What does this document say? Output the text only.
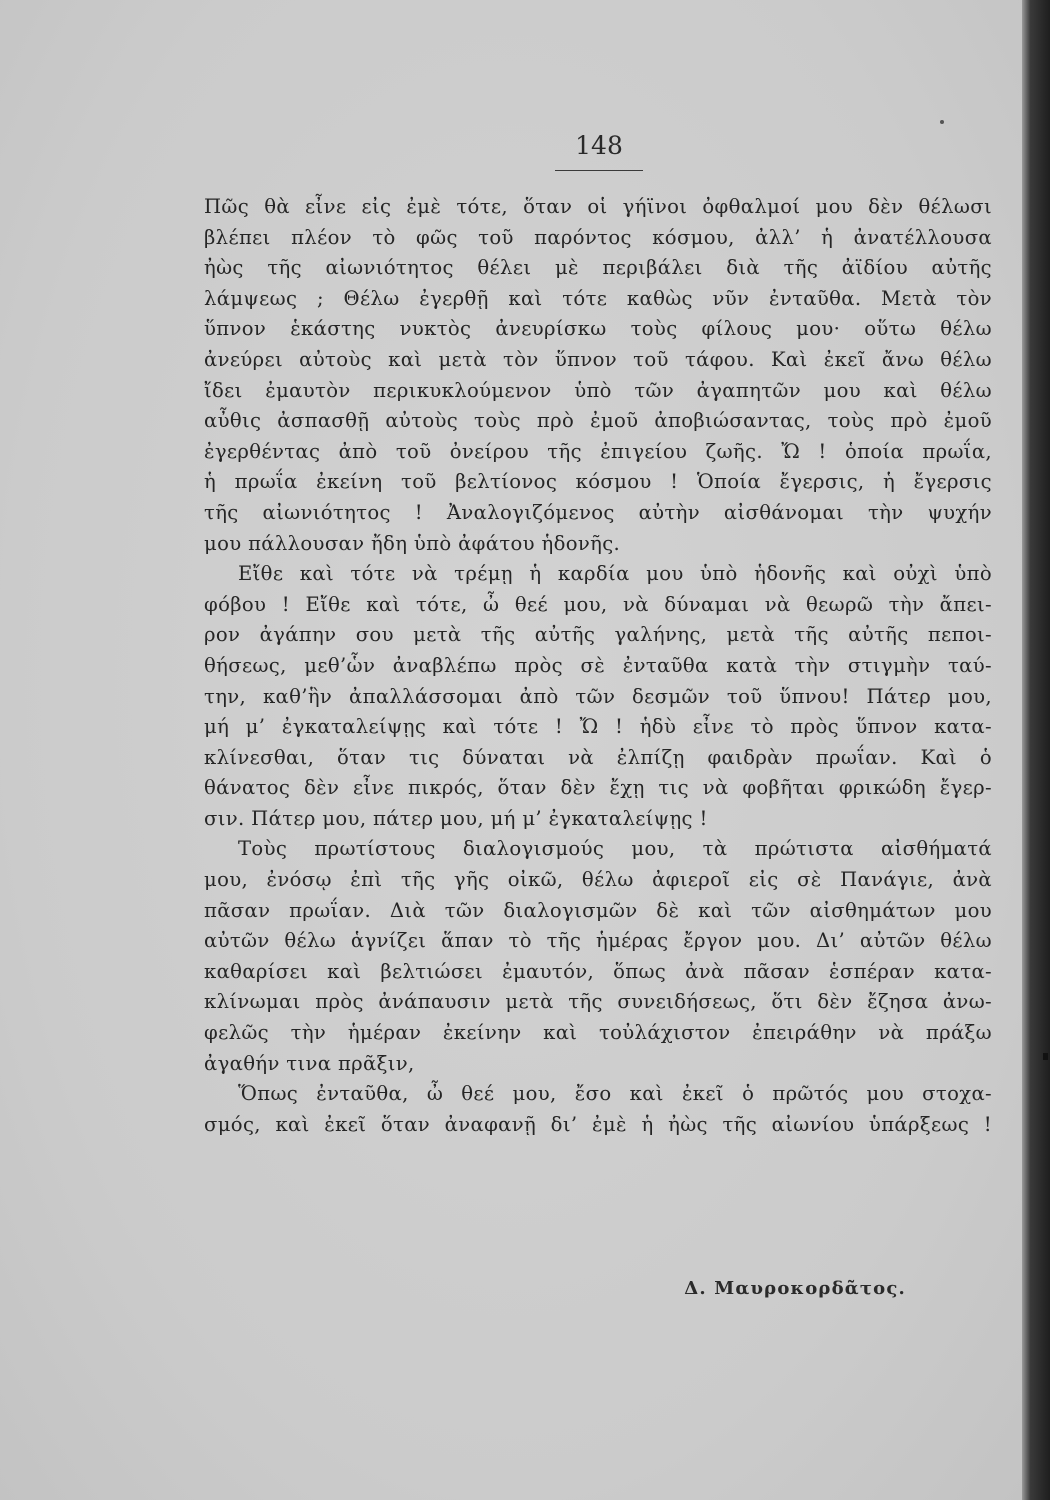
148
Πῶς θὰ εἶνε εἰς ἐμὲ τότε, ὅταν οἱ γήϊνοι ὀφθαλμοί μου δὲν θέλωσι
βλέπει πλέον τὸ φῶς τοῦ παρόντος κόσμου, ἀλλ’ ἡ ἀνατέλλουσα
ἠὼς τῆς αἰωνιότητος θέλει μὲ περιβάλει διὰ τῆς ἀϊδίου αὐτῆς
λάμψεως ; Θέλω ἐγερθῇ καὶ τότε καθὼς νῦν ἐνταῦθα. Μετὰ τὸν
ὕπνον ἑκάστης νυκτὸς ἀνευρίσκω τοὺς φίλους μου· οὕτω θέλω
ἀνεύρει αὐτοὺς καὶ μετὰ τὸν ὕπνον τοῦ τάφου. Καὶ ἐκεῖ ἄνω θέλω
ἴδει ἐμαυτὸν περικυκλούμενον ὑπὸ τῶν ἀγαπητῶν μου καὶ θέλω
αὖθις ἀσπασθῇ αὐτοὺς τοὺς πρὸ ἐμοῦ ἀποβιώσαντας, τοὺς πρὸ ἐμοῦ
ἐγερθέντας ἀπὸ τοῦ ὀνείρου τῆς ἐπιγείου ζωῆς. Ὤ ! ὁποία πρωΐα,
ἡ πρωΐα ἐκείνη τοῦ βελτίονος κόσμου ! Ὁποία ἔγερσις, ἡ ἔγερσις
τῆς αἰωνιότητος ! Ἀναλογιζόμενος αὐτὴν αἰσθάνομαι τὴν ψυχήν
μου πάλλουσαν ἤδη ὑπὸ ἀφάτου ἡδονῆς.
Εἴθε καὶ τότε νὰ τρέμῃ ἡ καρδία μου ὑπὸ ἡδονῆς καὶ οὐχὶ ὑπὸ
φόβου ! Εἴθε καὶ τότε, ὦ θεέ μου, νὰ δύναμαι νὰ θεωρῶ τὴν ἄπει-
ρον ἀγάπην σου μετὰ τῆς αὐτῆς γαλήνης, μετὰ τῆς αὐτῆς πεποι-
θήσεως, μεθ’ὧν ἀναβλέπω πρὸς σὲ ἐνταῦθα κατὰ τὴν στιγμὴν ταύ-
την, καθ’ἣν ἀπαλλάσσομαι ἀπὸ τῶν δεσμῶν τοῦ ὕπνου! Πάτερ μου,
μή μ’ ἐγκαταλείψῃς καὶ τότε ! Ὤ ! ἡδὺ εἶνε τὸ πρὸς ὕπνον κατα-
κλίνεσθαι, ὅταν τις δύναται νὰ ἐλπίζῃ φαιδρὰν πρωΐαν. Καὶ ὁ
θάνατος δὲν εἶνε πικρός, ὅταν δὲν ἔχῃ τις νὰ φοβῆται φρικώδη ἔγερ-
σιν. Πάτερ μου, πάτερ μου, μή μ’ ἐγκαταλείψῃς !
Τοὺς πρωτίστους διαλογισμούς μου, τὰ πρώτιστα αἰσθήματά
μου, ἐνόσῳ ἐπὶ τῆς γῆς οἰκῶ, θέλω ἀφιεροῖ εἰς σὲ Πανάγιε, ἀνὰ
πᾶσαν πρωΐαν. Διὰ τῶν διαλογισμῶν δὲ καὶ τῶν αἰσθημάτων μου
αὐτῶν θέλω ἁγνίζει ἅπαν τὸ τῆς ἡμέρας ἔργον μου. Δι’ αὐτῶν θέλω
καθαρίσει καὶ βελτιώσει ἐμαυτόν, ὅπως ἀνὰ πᾶσαν ἑσπέραν κατα-
κλίνωμαι πρὸς ἀνάπαυσιν μετὰ τῆς συνειδήσεως, ὅτι δὲν ἔζησα ἀνω-
φελῶς τὴν ἡμέραν ἐκείνην καὶ τοὐλάχιστον ἐπειράθην νὰ πράξω
ἀγαθήν τινα πρᾶξιν,
Ὅπως ἐνταῦθα, ὦ θεέ μου, ἔσο καὶ ἐκεῖ ὁ πρῶτός μου στοχα-
σμός, καὶ ἐκεῖ ὅταν ἀναφανῇ δι’ ἐμὲ ἡ ἠὼς τῆς αἰωνίου ὑπάρξεως !
Δ. Μαυροκορδᾶτος.
